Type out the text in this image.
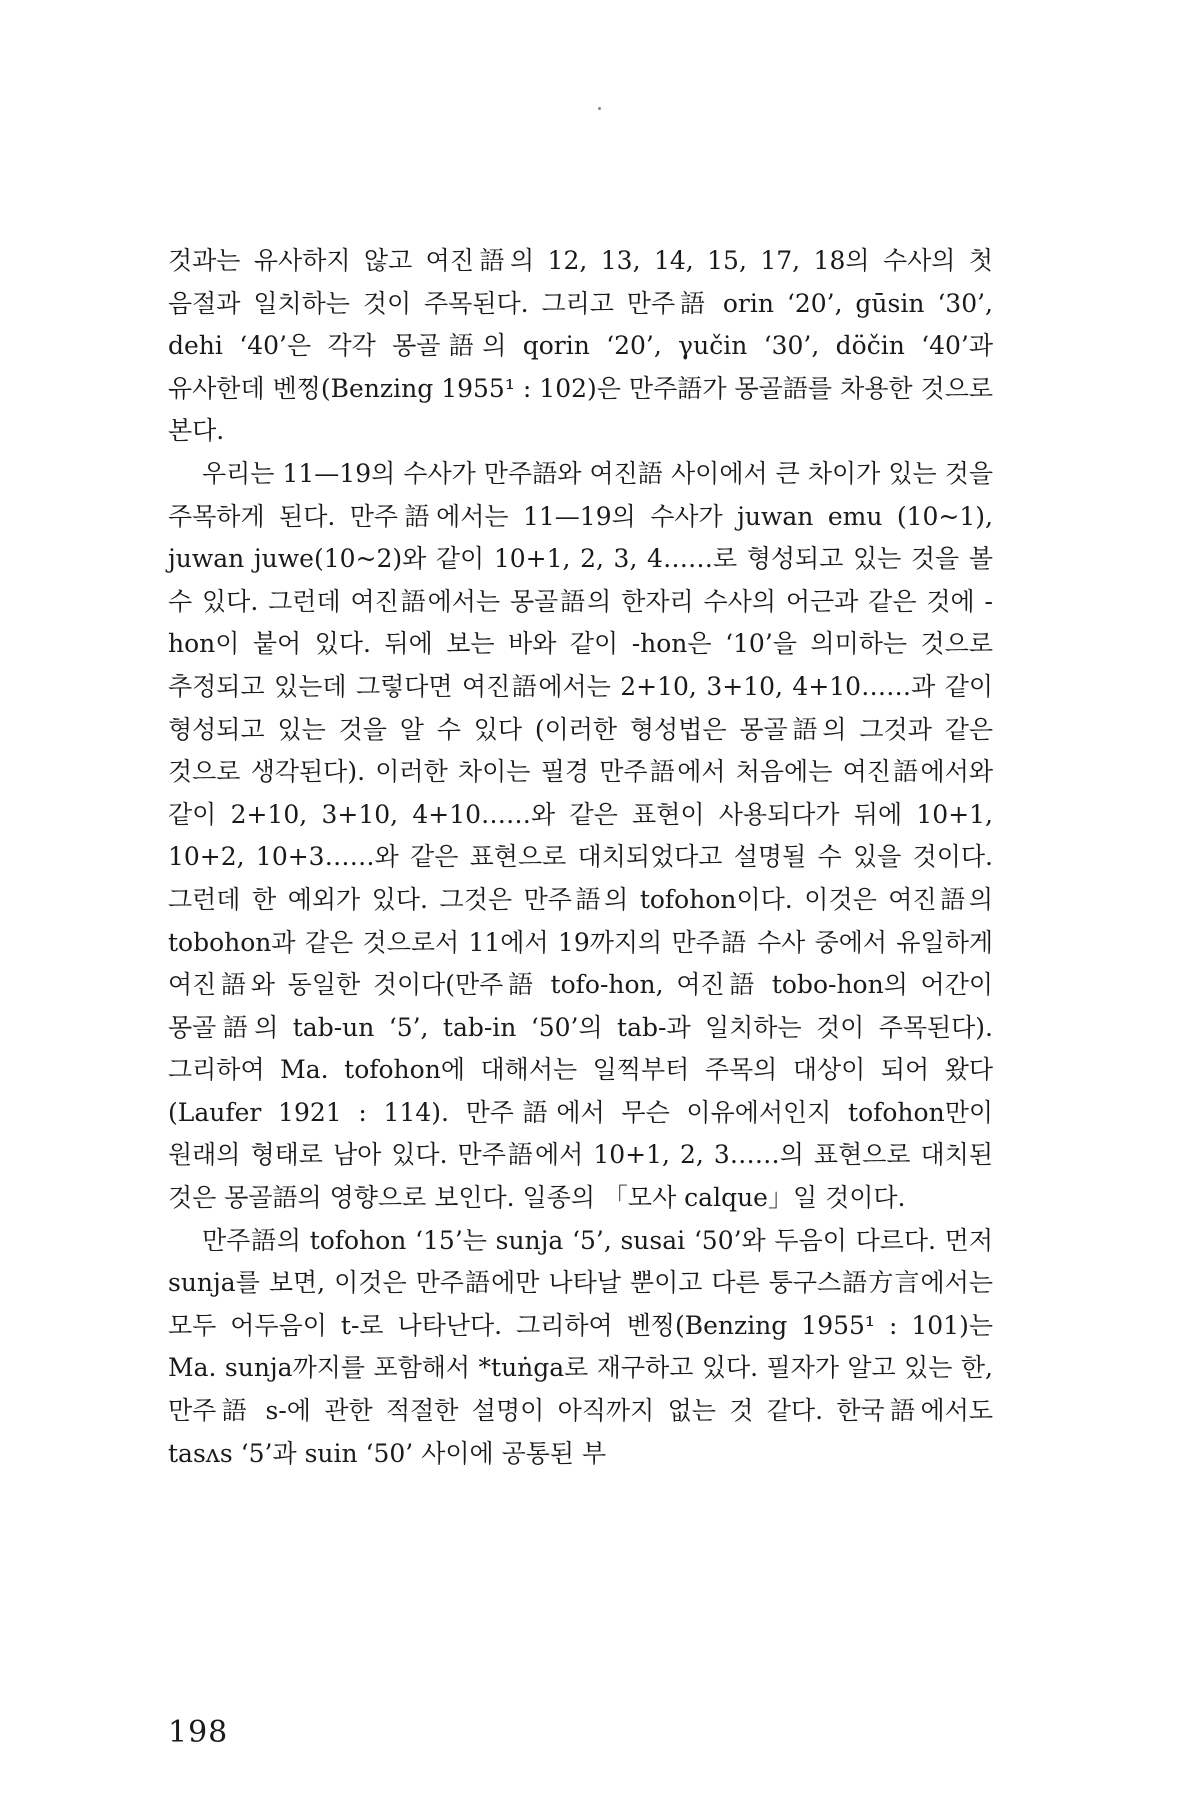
것과는 유사하지 않고 여진語의 12, 13, 14, 15, 17, 18의 수사의 첫 음절과 일치하는 것이 주목된다. 그리고 만주語 orin ‘20’, gūsin ‘30’, dehi ‘40’은 각각 몽골語의 qorin ‘20’, γučin ‘30’, döčin ‘40’과 유사한데 벤찡(Benzing 1955¹ : 102)은 만주語가 몽골語를 차용한 것으로 본다.

우리는 11—19의 수사가 만주語와 여진語 사이에서 큰 차이가 있는 것을 주목하게 된다. 만주語에서는 11—19의 수사가 juwan emu (10~1), juwan juwe(10~2)와 같이 10+1, 2, 3, 4……로 형성되고 있는 것을 볼 수 있다. 그런데 여진語에서는 몽골語의 한자리 수사의 어근과 같은 것에 -hon이 붙어 있다. 뒤에 보는 바와 같이 -hon은 ‘10’을 의미하는 것으로 추정되고 있는데 그렇다면 여진語에서는 2+10, 3+10, 4+10……과 같이 형성되고 있는 것을 알 수 있다 (이러한 형성법은 몽골語의 그것과 같은 것으로 생각된다). 이러한 차이는 필경 만주語에서 처음에는 여진語에서와 같이 2+10, 3+10, 4+10……와 같은 표현이 사용되다가 뒤에 10+1, 10+2, 10+3……와 같은 표현으로 대치되었다고 설명될 수 있을 것이다. 그런데 한 예외가 있다. 그것은 만주語의 tofohon이다. 이것은 여진語의 tobohon과 같은 것으로서 11에서 19까지의 만주語 수사 중에서 유일하게 여진語와 동일한 것이다(만주語 tofo-hon, 여진語 tobo-hon의 어간이 몽골語의 tab-un ‘5’, tab-in ‘50’의 tab-과 일치하는 것이 주목된다). 그리하여 Ma. tofohon에 대해서는 일찍부터 주목의 대상이 되어 왔다(Laufer 1921 : 114). 만주語에서 무슨 이유에서인지 tofohon만이 원래의 형태로 남아 있다. 만주語에서 10+1, 2, 3……의 표현으로 대치된 것은 몽골語의 영향으로 보인다. 일종의 「모사 calque」일 것이다.

만주語의 tofohon ‘15’는 sunja ‘5’, susai ‘50’와 두음이 다르다. 먼저 sunja를 보면, 이것은 만주語에만 나타날 뿐이고 다른 퉁구스語方言에서는 모두 어두음이 t-로 나타난다. 그리하여 벤찡(Benzing 1955¹ : 101)는 Ma. sunja까지를 포함해서 *tuṅga로 재구하고 있다. 필자가 알고 있는 한, 만주語 s-에 관한 적절한 설명이 아직까지 없는 것 같다. 한국語에서도 tasʌs ‘5’과 suin ‘50’ 사이에 공통된 부

198
